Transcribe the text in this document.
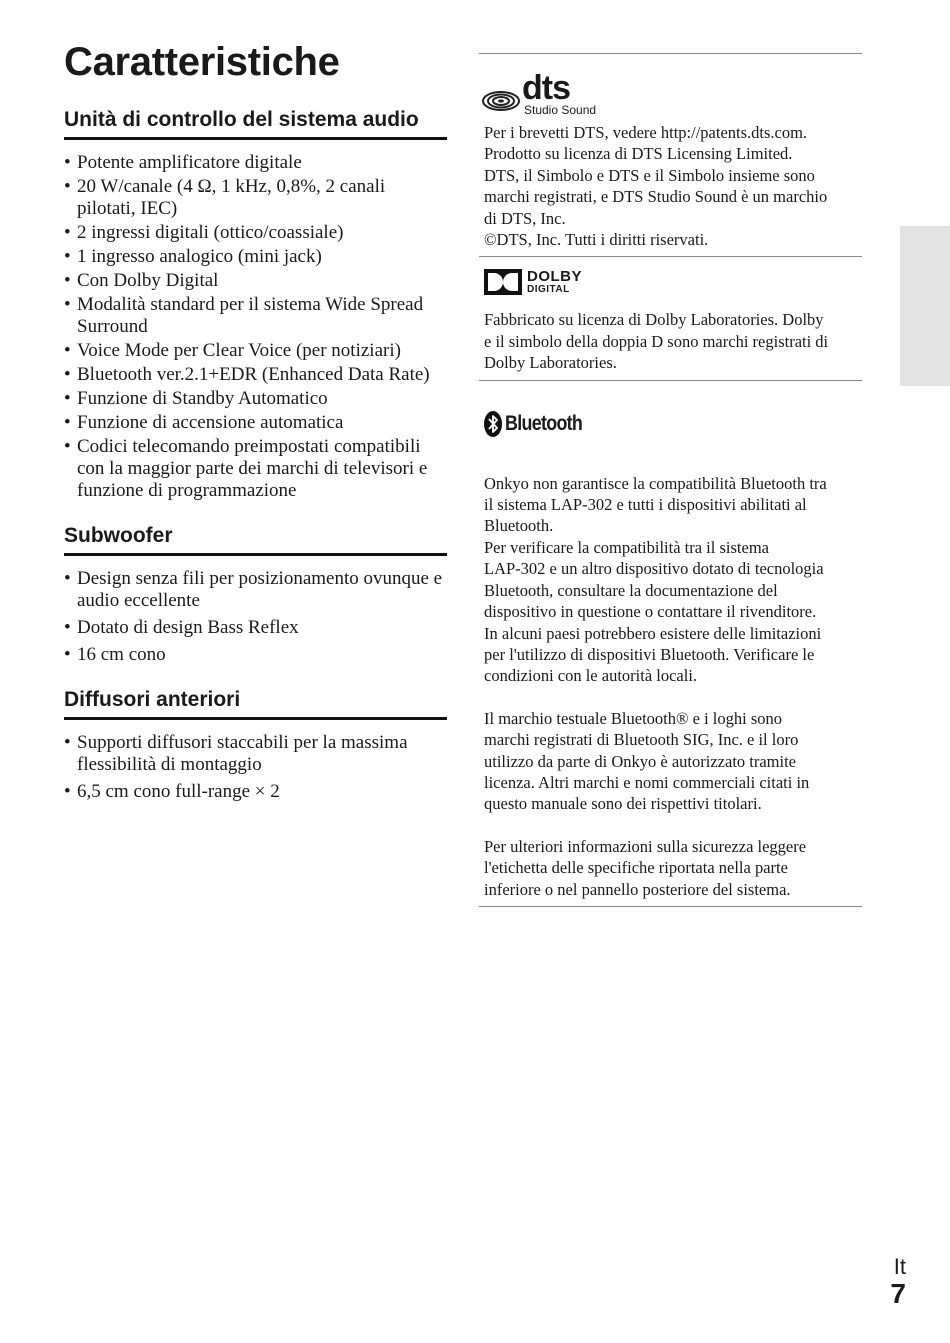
Caratteristiche
Unità di controllo del sistema audio
• Potente amplificatore digitale
• 20 W/canale (4 Ω, 1 kHz, 0,8%, 2 canali pilotati, IEC)
• 2 ingressi digitali (ottico/coassiale)
• 1 ingresso analogico (mini jack)
• Con Dolby Digital
• Modalità standard per il sistema Wide Spread Surround
• Voice Mode per Clear Voice (per notiziari)
• Bluetooth ver.2.1+EDR (Enhanced Data Rate)
• Funzione di Standby Automatico
• Funzione di accensione automatica
• Codici telecomando preimpostati compatibili con la maggior parte dei marchi di televisori e funzione di programmazione
Subwoofer
• Design senza fili per posizionamento ovunque e audio eccellente
• Dotato di design Bass Reflex
• 16 cm cono
Diffusori anteriori
• Supporti diffusori staccabili per la massima flessibilità di montaggio
• 6,5 cm cono full-range × 2
dts
Studio Sound
Per i brevetti DTS, vedere http://patents.dts.com.
Prodotto su licenza di DTS Licensing Limited.
DTS, il Simbolo e DTS e il Simbolo insieme sono
marchi registrati, e DTS Studio Sound è un marchio
di DTS, Inc.
©DTS, Inc. Tutti i diritti riservati.
DOLBY
DIGITAL
Fabbricato su licenza di Dolby Laboratories. Dolby
e il simbolo della doppia D sono marchi registrati di
Dolby Laboratories.
Bluetooth
Onkyo non garantisce la compatibilità Bluetooth tra
il sistema LAP-302 e tutti i dispositivi abilitati al
Bluetooth.
Per verificare la compatibilità tra il sistema
LAP-302 e un altro dispositivo dotato di tecnologia
Bluetooth, consultare la documentazione del
dispositivo in questione o contattare il rivenditore.
In alcuni paesi potrebbero esistere delle limitazioni
per l'utilizzo di dispositivi Bluetooth. Verificare le
condizioni con le autorità locali.
Il marchio testuale Bluetooth® e i loghi sono
marchi registrati di Bluetooth SIG, Inc. e il loro
utilizzo da parte di Onkyo è autorizzato tramite
licenza. Altri marchi e nomi commerciali citati in
questo manuale sono dei rispettivi titolari.
Per ulteriori informazioni sulla sicurezza leggere
l'etichetta delle specifiche riportata nella parte
inferiore o nel pannello posteriore del sistema.
It
7
